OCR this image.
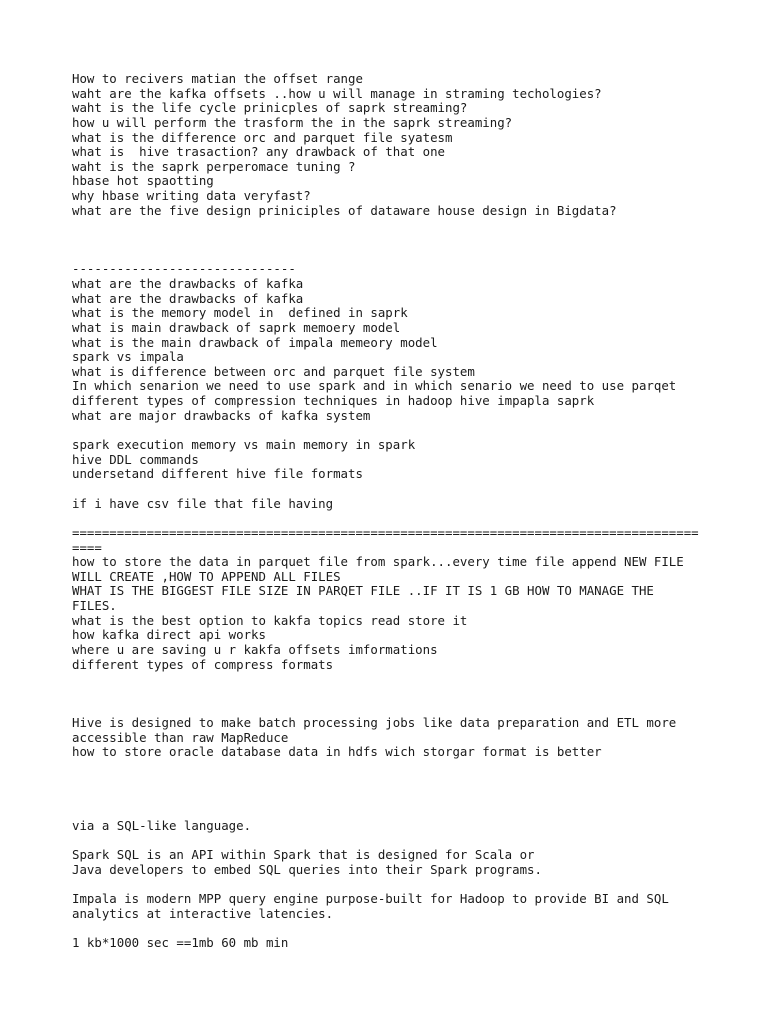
How to recivers matian the offset range
waht are the kafka offsets ..how u will manage in straming techologies?
waht is the life cycle prinicples of saprk streaming?
how u will perform the trasform the in the saprk streaming?
what is the difference orc and parquet file syatesm
what is  hive trasaction? any drawback of that one
waht is the saprk perperomace tuning ?
hbase hot spaotting
why hbase writing data veryfast?
what are the five design priniciples of dataware house design in Bigdata?
------------------------------
what are the drawbacks of kafka
what are the drawbacks of kafka
what is the memory model in  defined in saprk
what is main drawback of saprk memoery model
what is the main drawback of impala memeory model
spark vs impala
what is difference between orc and parquet file system
In which senarion we need to use spark and in which senario we need to use parqet
different types of compression techniques in hadoop hive impapla saprk
what are major drawbacks of kafka system
spark execution memory vs main memory in spark
hive DDL commands
undersetand different hive file formats
if i have csv file that file having
====================================================================================
====
how to store the data in parquet file from spark...every time file append NEW FILE
WILL CREATE ,HOW TO APPEND ALL FILES
WHAT IS THE BIGGEST FILE SIZE IN PARQET FILE ..IF IT IS 1 GB HOW TO MANAGE THE
FILES.
what is the best option to kakfa topics read store it
how kafka direct api works
where u are saving u r kakfa offsets imformations
different types of compress formats
Hive is designed to make batch processing jobs like data preparation and ETL more
accessible than raw MapReduce
how to store oracle database data in hdfs wich storgar format is better
via a SQL-like language.
Spark SQL is an API within Spark that is designed for Scala or
Java developers to embed SQL queries into their Spark programs.
Impala is modern MPP query engine purpose-built for Hadoop to provide BI and SQL
analytics at interactive latencies.
1 kb*1000 sec ==1mb 60 mb min
